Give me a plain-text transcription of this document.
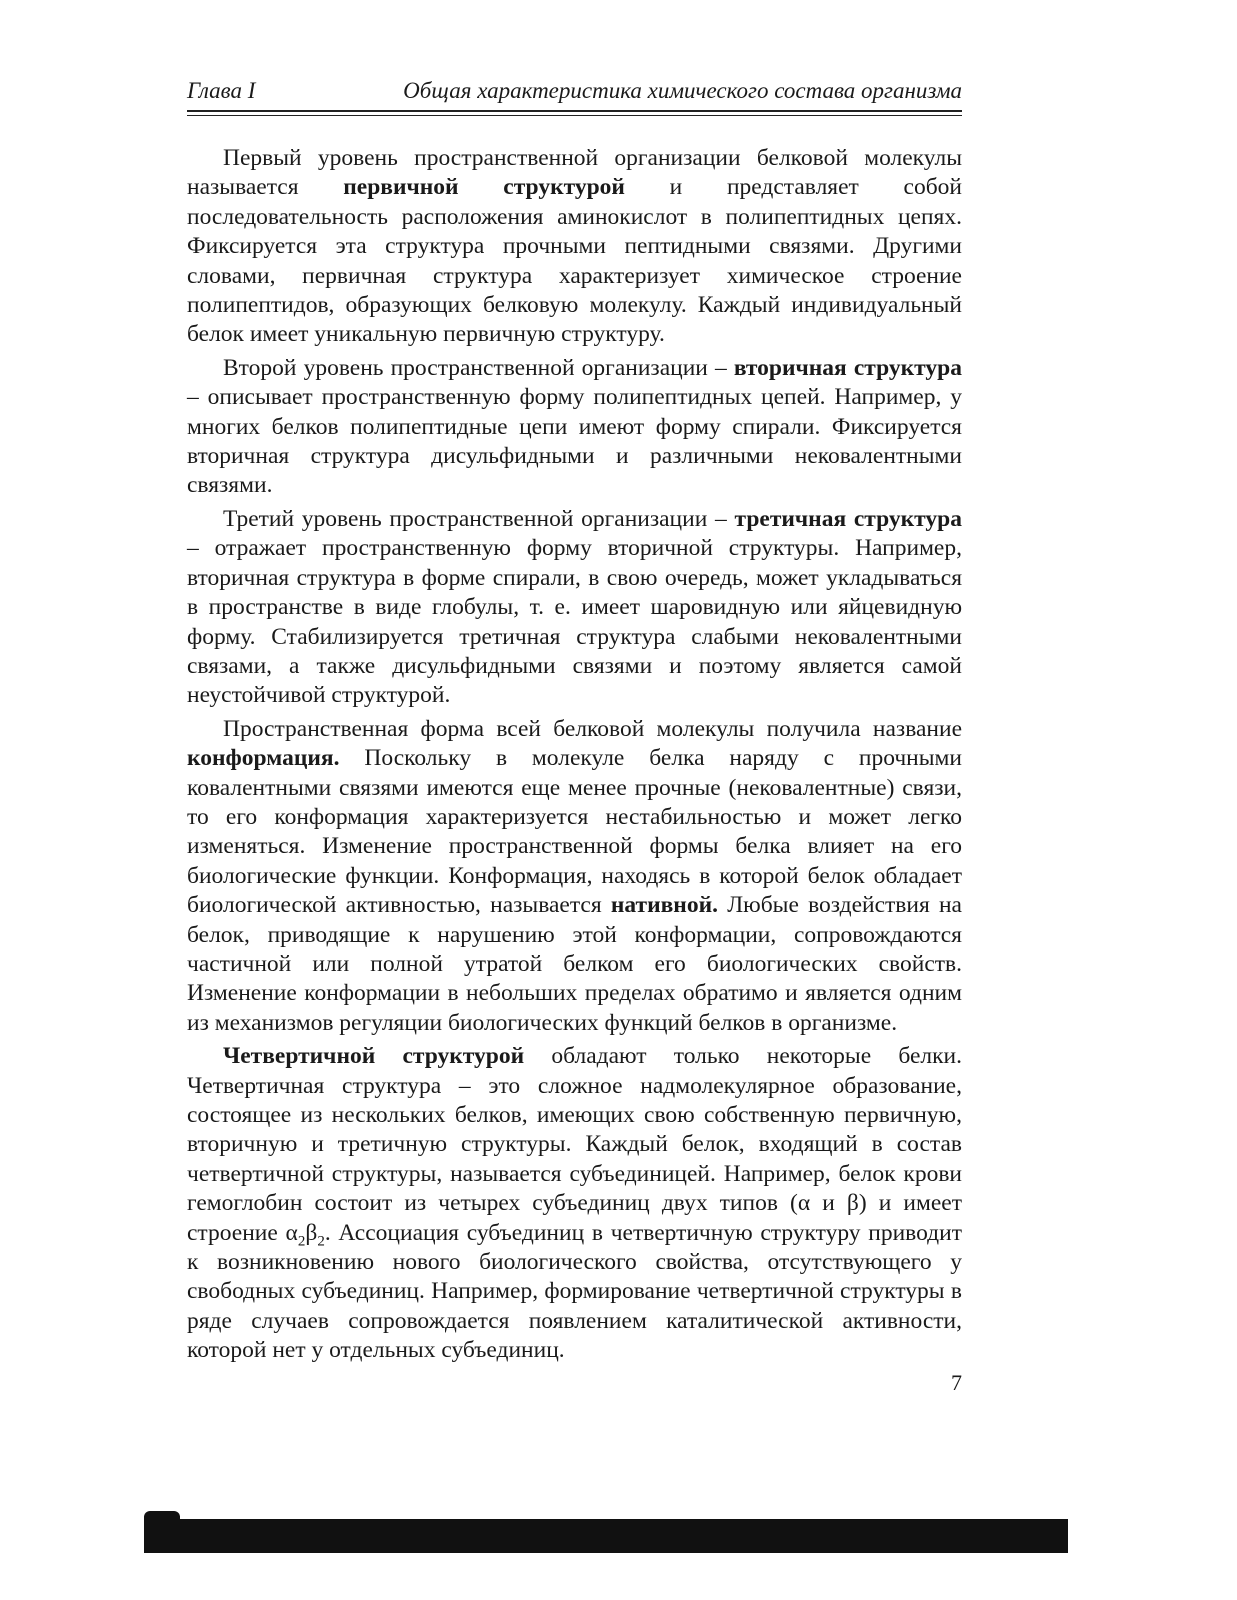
Глава I	Общая характеристика химического состава организма

Первый уровень пространственной организации белковой молекулы называется первичной структурой и представляет собой последовательность расположения аминокислот в полипептидных цепях. Фиксируется эта структура прочными пептидными связями. Другими словами, первичная структура характеризует химическое строение полипептидов, образующих белковую молекулу. Каждый индивидуальный белок имеет уникальную первичную структуру.

Второй уровень пространственной организации – вторичная структура – описывает пространственную форму полипептидных цепей. Например, у многих белков полипептидные цепи имеют форму спирали. Фиксируется вторичная структура дисульфидными и различными нековалентными связями.

Третий уровень пространственной организации – третичная структура – отражает пространственную форму вторичной структуры. Например, вторичная структура в форме спирали, в свою очередь, может укладываться в пространстве в виде глобулы, т. е. имеет шаровидную или яйцевидную форму. Стабилизируется третичная структура слабыми нековалентными связами, а также дисульфидными связями и поэтому является самой неустойчивой структурой.

Пространственная форма всей белковой молекулы получила название конформация. Поскольку в молекуле белка наряду с прочными ковалентными связями имеются еще менее прочные (нековалентные) связи, то его конформация характеризуется нестабильностью и может легко изменяться. Изменение пространственной формы белка влияет на его биологические функции. Конформация, находясь в которой белок обладает биологической активностью, называется нативной. Любые воздействия на белок, приводящие к нарушению этой конформации, сопровождаются частичной или полной утратой белком его биологических свойств. Изменение конформации в небольших пределах обратимо и является одним из механизмов регуляции биологических функций белков в организме.

Четвертичной структурой обладают только некоторые белки. Четвертичная структура – это сложное надмолекулярное образование, состоящее из нескольких белков, имеющих свою собственную первичную, вторичную и третичную структуры. Каждый белок, входящий в состав четвертичной структуры, называется субъединицей. Например, белок крови гемоглобин состоит из четырех субъединиц двух типов (α и β) и имеет строение $\alpha_2\beta_2$. Ассоциация субъединиц в четвертичную структуру приводит к возникновению нового биологического свойства, отсутствующего у свободных субъединиц. Например, формирование четвертичной структуры в ряде случаев сопровождается появлением каталитической активности, которой нет у отдельных субъединиц.

7
